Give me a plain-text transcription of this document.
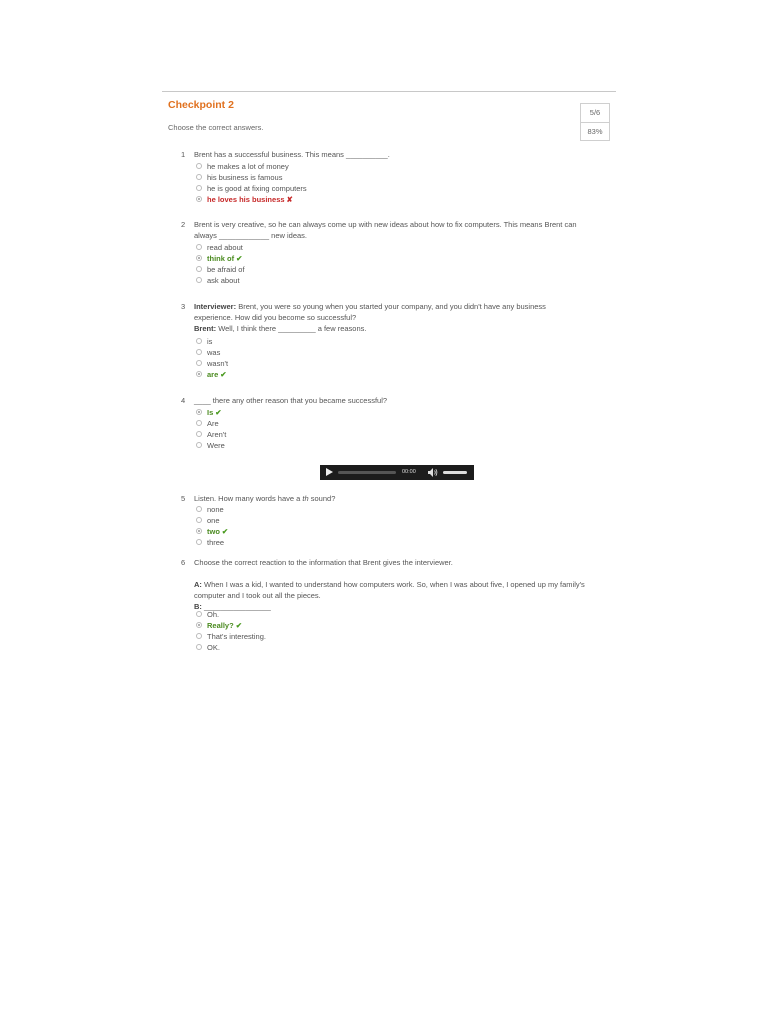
Checkpoint 2
Choose the correct answers.
5/6
83%
1 Brent has a successful business. This means __________.
he makes a lot of money
his business is famous
he is good at fixing computers
he loves his business ✘
2 Brent is very creative, so he can always come up with new ideas about how to fix computers. This means Brent can
always ____________ new ideas.
read about
think of ✔
be afraid of
ask about
3 Interviewer: Brent, you were so young when you started your company, and you didn't have any business
experience. How did you become so successful?
Brent: Well, I think there _________ a few reasons.
is
was
wasn't
are ✔
4 ____ there any other reason that you became successful?
Is ✔
Are
Aren't
Were
00:00
5 Listen. How many words have a th sound?
none
one
two ✔
three
6 Choose the correct reaction to the information that Brent gives the interviewer.
A: When I was a kid, I wanted to understand how computers work. So, when I was about five, I opened up my family's
computer and I took out all the pieces.
B: ________________
Oh.
Really? ✔
That's interesting.
OK.
